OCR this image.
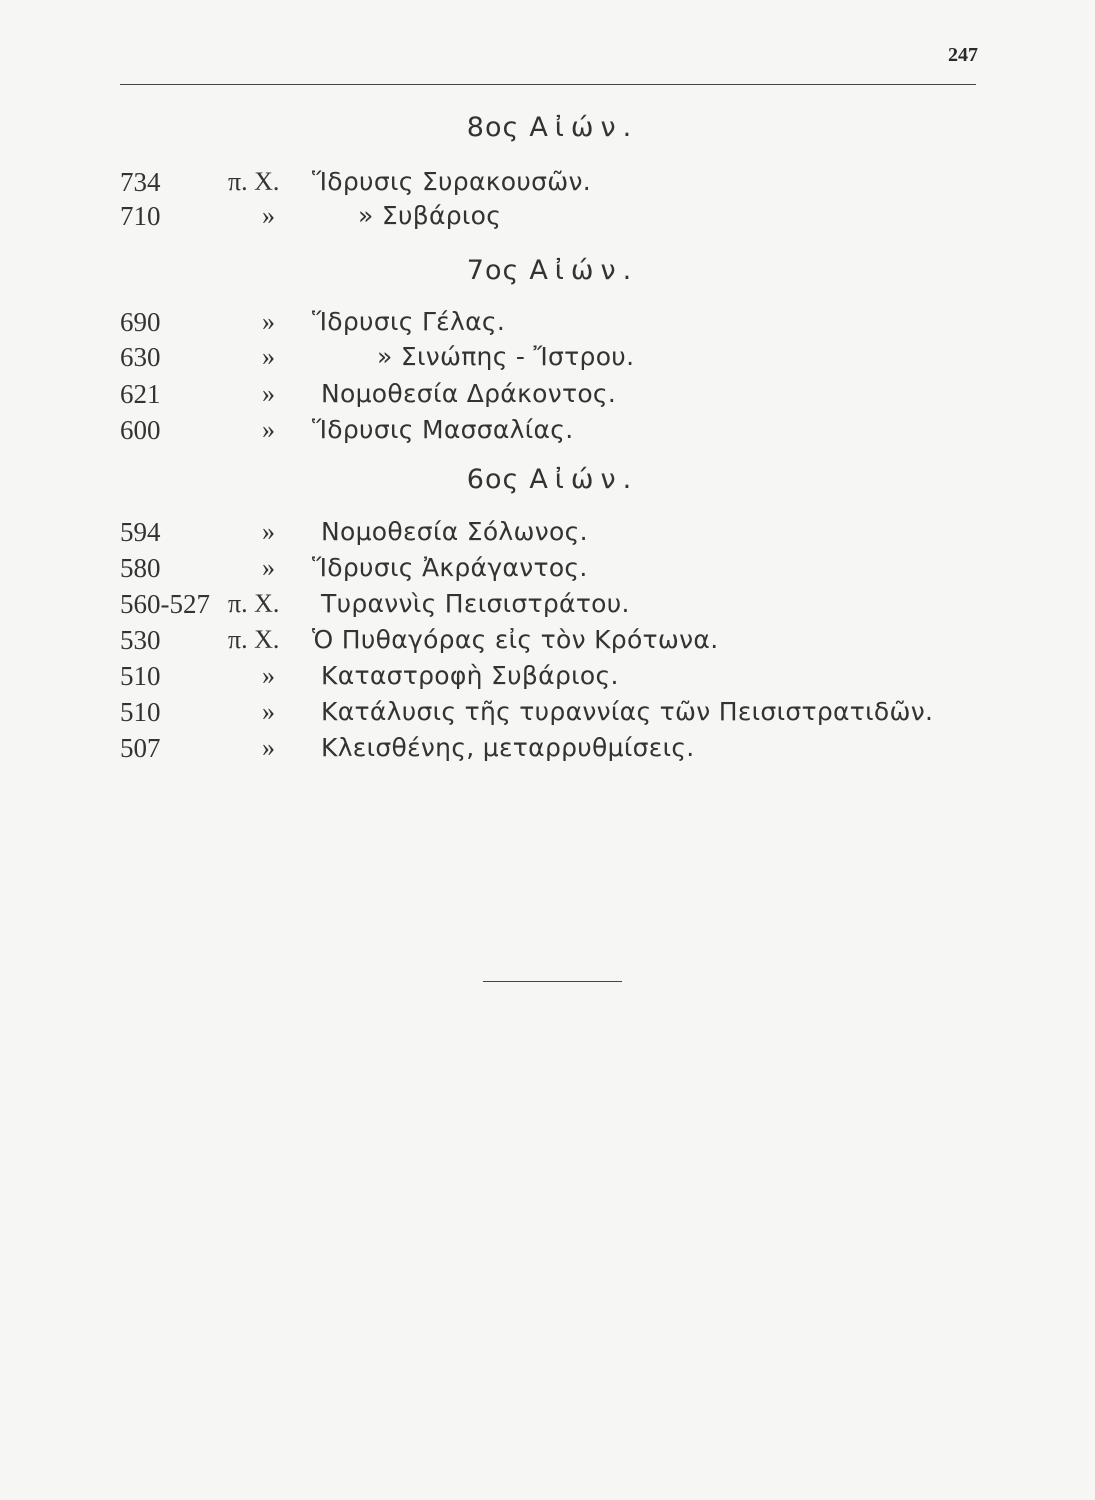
247
8ος Αἰών.
734	π. Χ. Ἵδρυσις Συρακουσῶν.
710	»	» Συβάριος
7ος Αἰών.
690	» Ἵδρυσις Γέλας.
630	»	» Σινώπης - Ἴστρου.
621	» Νομοθεσία Δράκοντος.
600	» Ἵδρυσις Μασσαλίας.
6ος Αἰών.
594	» Νομοθεσία Σόλωνος.
580	» Ἵδρυσις Ἀκράγαντος.
560-527 π. Χ. Τυραννὶς Πεισιστράτου.
530	π. Χ. Ὁ Πυθαγόρας εἰς τὸν Κρότωνα.
510	» Καταστροφὴ Συβάριος.
510	» Κατάλυσις τῆς τυραννίας τῶν Πεισιστρατιδῶν.
507	» Κλεισθένης, μεταρρυθμίσεις.
